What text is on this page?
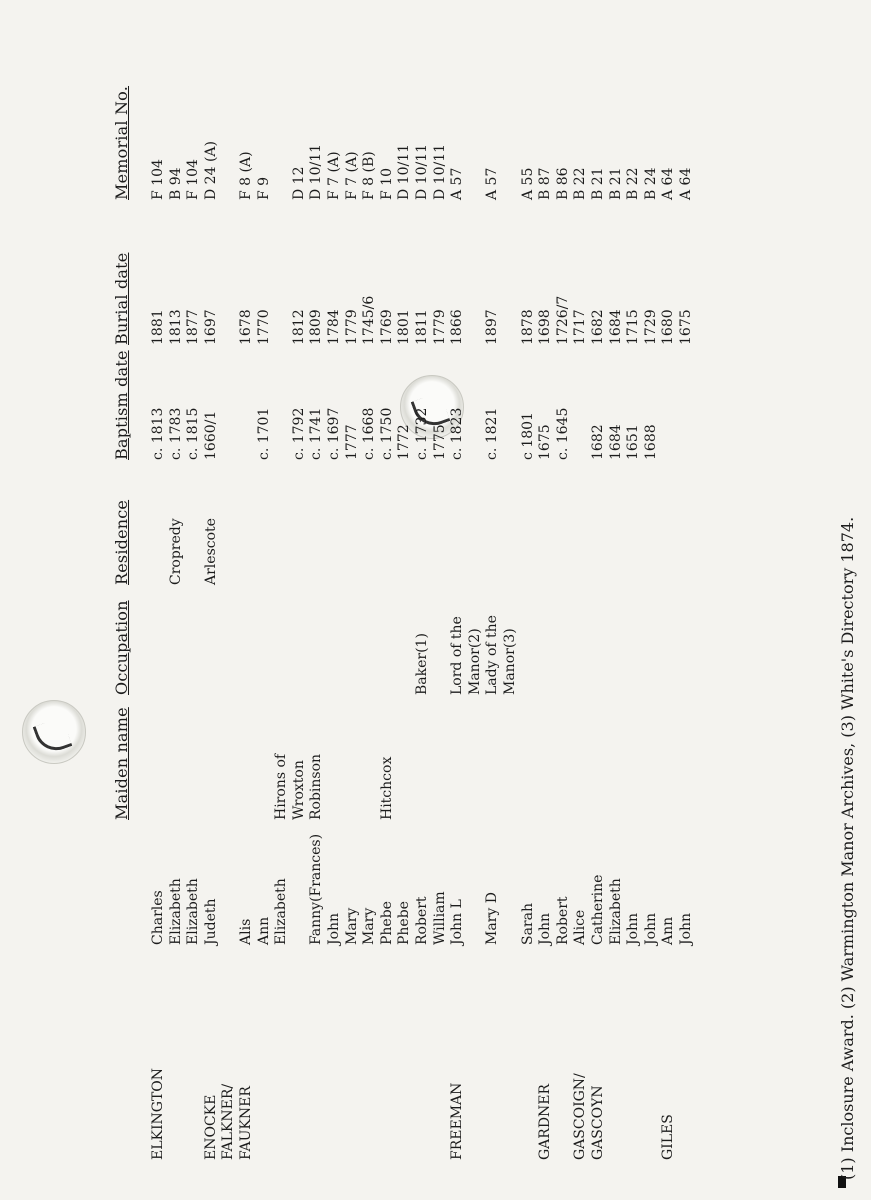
Maiden name
Occupation
Residence
Baptism date
Burial date
Memorial No.
ELKINGTON
Charles
c. 1813
1881
F 104
Elizabeth
Cropredy
c. 1783
1813
B 94
Elizabeth
c. 1815
1877
F 104
ENOCKE
Judeth
Arlescote
1660/1
1697
D 24 (A)
FALKNER/ FAUKNER
Alis
1678
F 8 (A)
Ann
c. 1701
1770
F 9
Elizabeth
Hirons of Wroxton
c. 1792
1812
D 12
Fanny(Frances)
Robinson
c. 1741
1809
D 10/11
John
c. 1697
1784
F 7 (A)
Mary
1777
1779
F 7 (A)
Mary
c. 1668
1745/6
F 8 (B)
Phebe
Hitchcox
c. 1750
1769
F 10
Phebe
1772
1801
D 10/11
Robert
Baker(1)
c. 1732
1811
D 10/11
William
1775
1779
D 10/11
FREEMAN
John L
Lord of the
c. 1823
1866
A 57
Manor(2)
Mary D
Lady of the
c. 1821
1897
A 57
Manor(3)
Sarah
c 1801
1878
A 55
GARDNER
John
1675
1698
B 87
Robert
c. 1645
1726/7
B 86
GASCOIGN/
Alice
1717
B 22
GASCOYN
Catherine
1682
1682
B 21
Elizabeth
1684
1684
B 21
John
1651
1715
B 22
John
1688
1729
B 24
GILES
Ann
1680
A 64
John
1675
A 64
(1) Inclosure Award. (2) Warmington Manor Archives, (3) White's Directory 1874.
